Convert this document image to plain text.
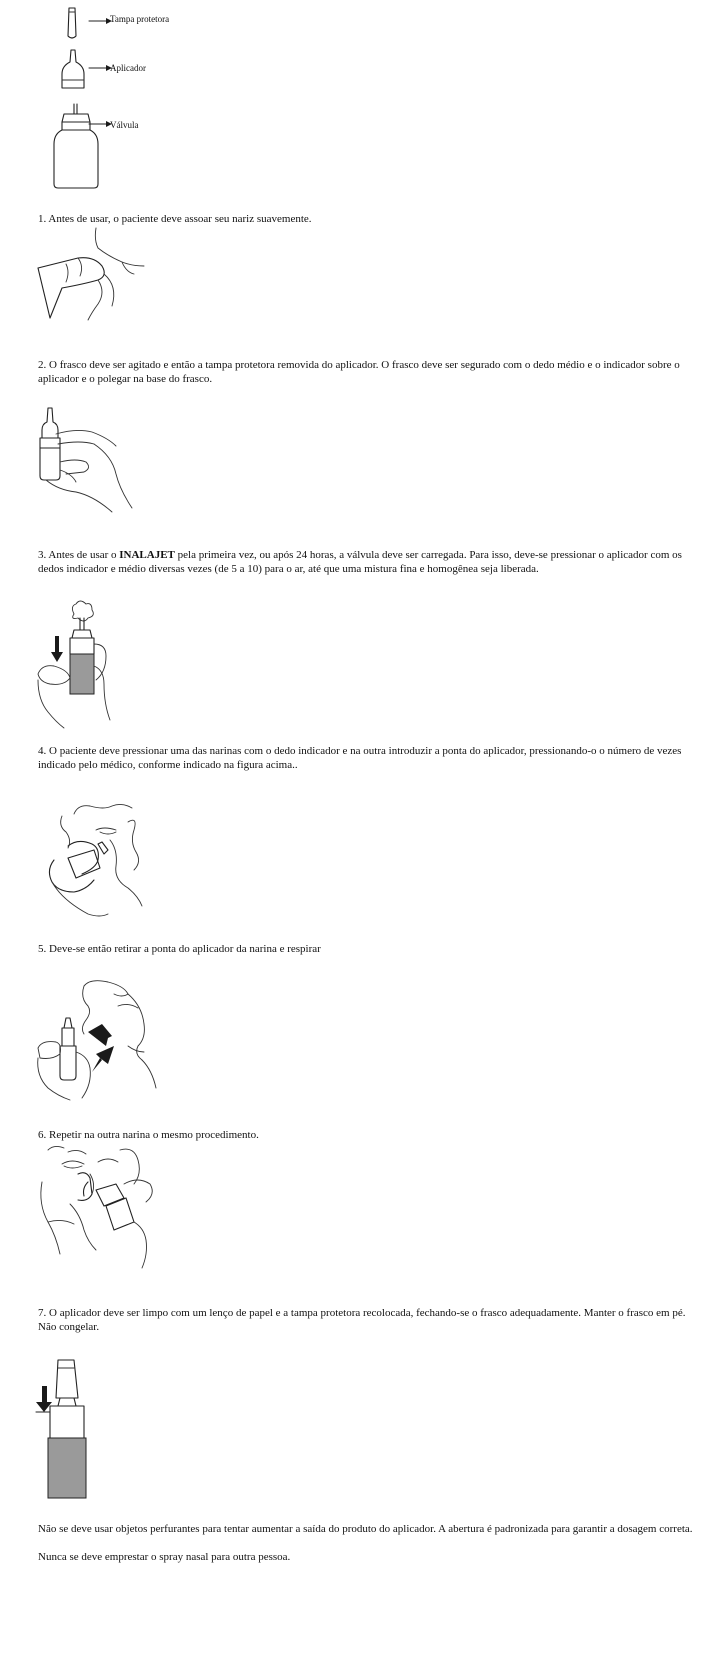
Tampa protetora
Aplicador
Válvula

1. Antes de usar, o paciente deve assoar seu nariz suavemente.

2. O frasco deve ser agitado e então a tampa protetora removida do aplicador. O frasco deve ser segurado com o dedo médio e o indicador sobre o aplicador e o polegar na base do frasco.

3. Antes de usar o INALAJET pela primeira vez, ou após 24 horas, a válvula deve ser carregada. Para isso, deve-se pressionar o aplicador com os dedos indicador e médio diversas vezes (de 5 a 10) para o ar, até que uma mistura fina e homogênea seja liberada.

4. O paciente deve pressionar uma das narinas com o dedo indicador e na outra introduzir a ponta do aplicador, pressionando-o o número de vezes indicado pelo médico, conforme indicado na figura acima..

5. Deve-se então retirar a ponta do aplicador da narina e respirar

6. Repetir na outra narina o mesmo procedimento.

7. O aplicador deve ser limpo com um lenço de papel e a tampa protetora recolocada, fechando-se o frasco adequadamente. Manter o frasco em pé. Não congelar.

Não se deve usar objetos perfurantes para tentar aumentar a saída do produto do aplicador. A abertura é padronizada para garantir a dosagem correta.

Nunca se deve emprestar o spray nasal para outra pessoa.
